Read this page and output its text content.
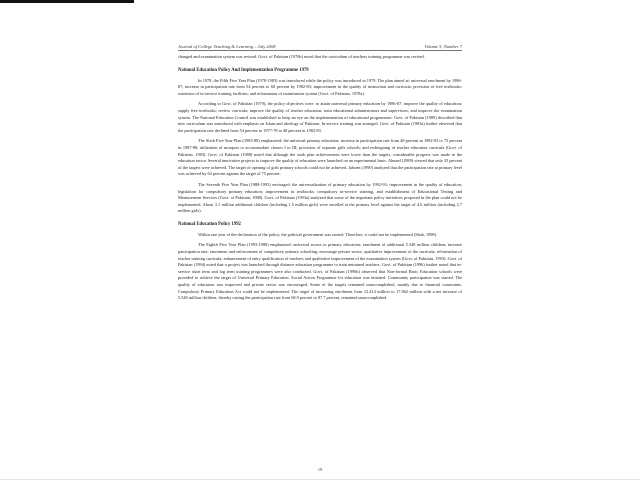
Journal of College Teaching & Learning – July 2008	Volume 5, Number 7

changed and examination system was revised. Govt. of Pakistan (1976b) noted that the curriculum of teachers training programme was revised.

National Education Policy And Implementation Programme 1979

In 1978, the Fifth Five Year Plan (1978-1983) was introduced while the policy was introduced in 1979. The plan aimed at: universal enrolment by 1986-87; increase in participation rate from 54 percent to 68 percent by 1982-83; improvement in the quality of instruction and curricula; provision of free textbooks; extension of in-service training facilities; and reformation of examination system (Govt. of Pakistan, 1978a).

According to Govt. of Pakistan (1979), the policy objectives were: to attain universal primary education by 1986-87; improve the quality of education; supply free textbooks; review curricula; improve the quality of teacher education; train educational administrators and supervisors; and improve the examination system. The National Education Council was established to keep an eye on the implementation of educational programmes. Govt. of Pakistan (1980) described that new curriculum was introduced with emphasis on Islam and ideology of Pakistan. In-service training was arranged. Govt. of Pakistan (1983a) further observed that the participation rate declined from 54 percent in 1977-78 to 48 percent in 1982-83.

The Sixth Five Year Plan (1983-88) emphasized: the universal primary education; increase in participation rate from 48 percent in 1982-83 to 75 percent in 1987-88; utilization of mosques to accommodate classes I to III; provision of separate girls schools; and redesigning of teacher education curricula (Govt. of Pakistan, 1983). Govt. of Pakistan (1988) noted that although the sixth plan achievements were lower than the targets, considerable progress was made in the education sector. Several innovative projects to improve the quality of education were launched on an experimental basis. Ahmed (1989) viewed that only 35 percent of the targets were achieved. The target of opening of girls primary schools could not be achieved. Jaboen (1990) analyzed that the participation rate at primary level was achieved by 64 percent against the target of 75 percent.

The Seventh Five Year Plan (1988-1993) envisaged: the universalization of primary education by 1992-93; improvement in the quality of education; legislation for compulsory primary education; improvement in textbooks; compulsory in-service training, and establishment of Educational Testing and Measurement Services (Govt. of Pakistan, 1988). Govt. of Pakistan (1993a) analyzed that some of the important policy initiatives proposed in the plan could not be implemented. About 3.1 million additional children (including 1.5 million girls) were enrolled at the primary level against the target of 4.6 million (including 2.7 million girls).

National Education Policy 1992

Within one year of the declaration of the policy, the political government was ousted. Therefore, it could not be implemented (Shah, 1998).

The Eighth Five Year Plan (1993-1998) emphasized: universal access to primary education; enrolment of additional 5.548 million children; increase participation rate; enactment and enforcement of compulsory primary schooling; encourage private sector; qualitative improvement of the curricula; reformation of teacher training curricula; enhancement of entry qualification of teachers and qualitative improvement of the examination system (Govt. of Pakistan, 1993). Govt. of Pakistan (1994) noted that a project was launched through distance education programme to train untrained teachers. Govt. of Pakistan (1996) further noted that in-service short term and log term training programmes were also conducted. Govt. of Pakistan (1996b) observed that Non-formal Basic Education schools were provided to achieve the target of Universal Primary Education. Social Action Programme for education was initiated. Community participation was started. The quality of education was improved and private sector was encouraged. Some of the targets remained unaccomplished, mainly due to financial constraints. Compulsory Primary Education Act could not be implemented. The target of increasing enrolment from 12.414 million to 17.962 million with a net increase of 5.548 million children, thereby raising the participation rate from 68.9 percent to 87.7 percent, remained unaccomplished.

19
